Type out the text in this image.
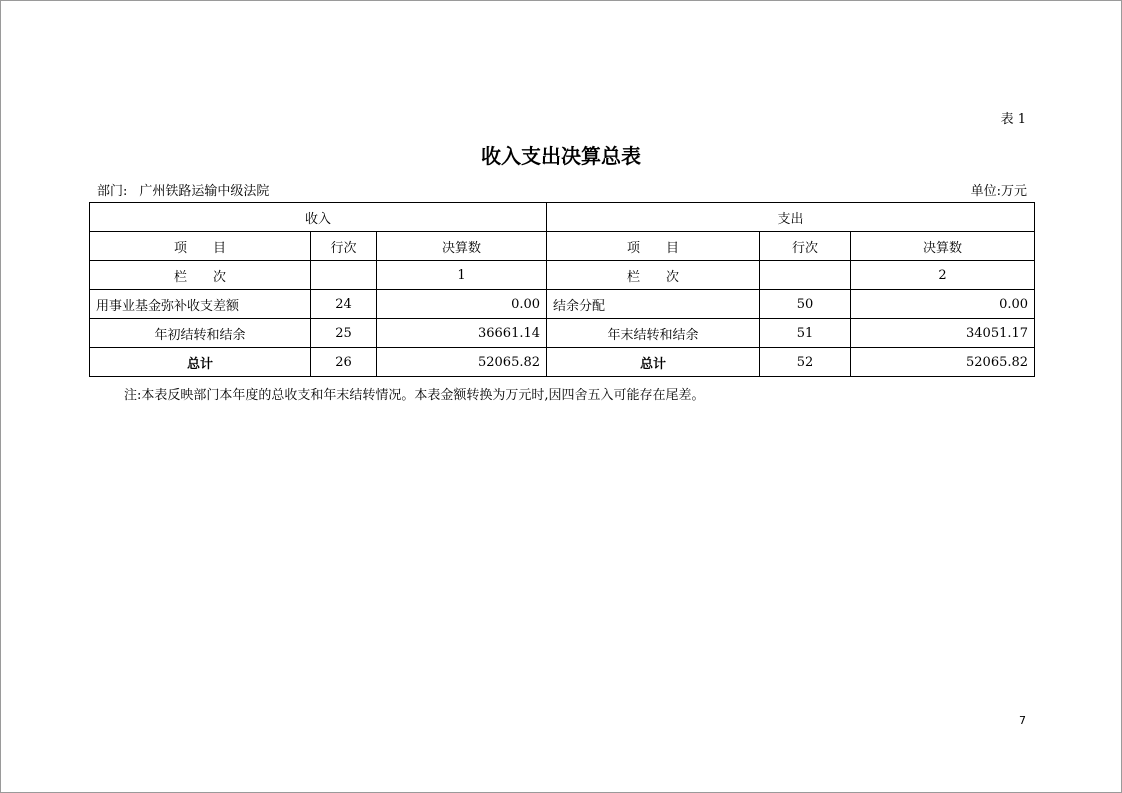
表 1
收入支出决算总表
部门: 广州铁路运输中级法院	单位:万元
收入			支出		
项　　目	行次	决算数	项　　目	行次	决算数
栏　　次		1	栏　　次		2
用事业基金弥补收支差额	24	0.00	结余分配	50	0.00
年初结转和结余	25	36661.14	年末结转和结余	51	34051.17
总计	26	52065.82	总计	52	52065.82
注:本表反映部门本年度的总收支和年末结转情况。本表金额转换为万元时,因四舍五入可能存在尾差。
7
